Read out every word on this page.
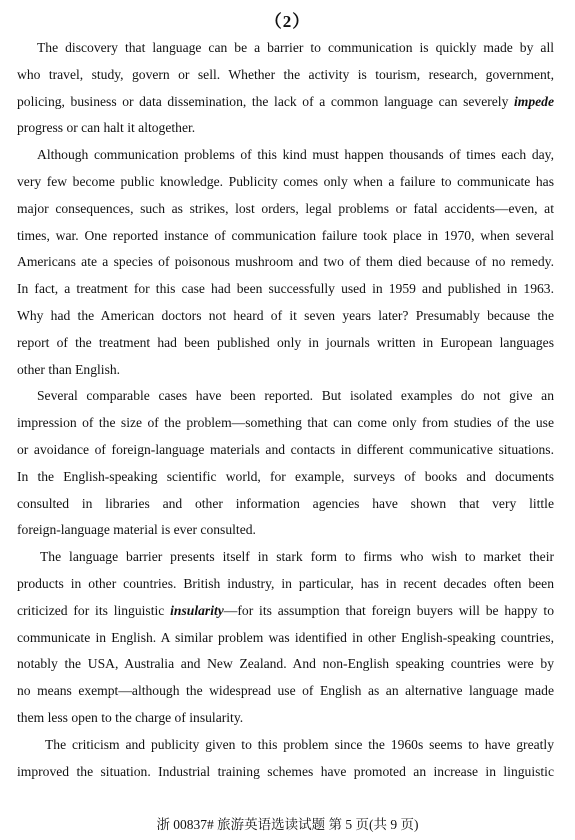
（2）
The discovery that language can be a barrier to communication is quickly made by all
who travel, study, govern or sell. Whether the activity is tourism, research, government,
policing, business or data dissemination, the lack of a common language can severely impede
progress or can halt it altogether.
Although communication problems of this kind must happen thousands of times each day,
very few become public knowledge. Publicity comes only when a failure to communicate has
major consequences, such as strikes, lost orders, legal problems or fatal accidents—even, at
times, war. One reported instance of communication failure took place in 1970, when several
Americans ate a species of poisonous mushroom and two of them died because of no remedy.
In fact, a treatment for this case had been successfully used in 1959 and published in 1963.
Why had the American doctors not heard of it seven years later? Presumably because the
report of the treatment had been published only in journals written in European languages
other than English.
Several comparable cases have been reported. But isolated examples do not give an
impression of the size of the problem—something that can come only from studies of the use
or avoidance of foreign-language materials and contacts in different communicative situations.
In the English-speaking scientific world, for example, surveys of books and documents
consulted in libraries and other information agencies have shown that very little
foreign-language material is ever consulted.
The language barrier presents itself in stark form to firms who wish to market their
products in other countries. British industry, in particular, has in recent decades often been
criticized for its linguistic insularity—for its assumption that foreign buyers will be happy to
communicate in English. A similar problem was identified in other English-speaking countries,
notably the USA, Australia and New Zealand. And non-English speaking countries were by
no means exempt—although the widespread use of English as an alternative language made
them less open to the charge of insularity.
The criticism and publicity given to this problem since the 1960s seems to have greatly
improved the situation. Industrial training schemes have promoted an increase in linguistic
浙 00837# 旅游英语选读试题 第 5 页(共 9 页)
